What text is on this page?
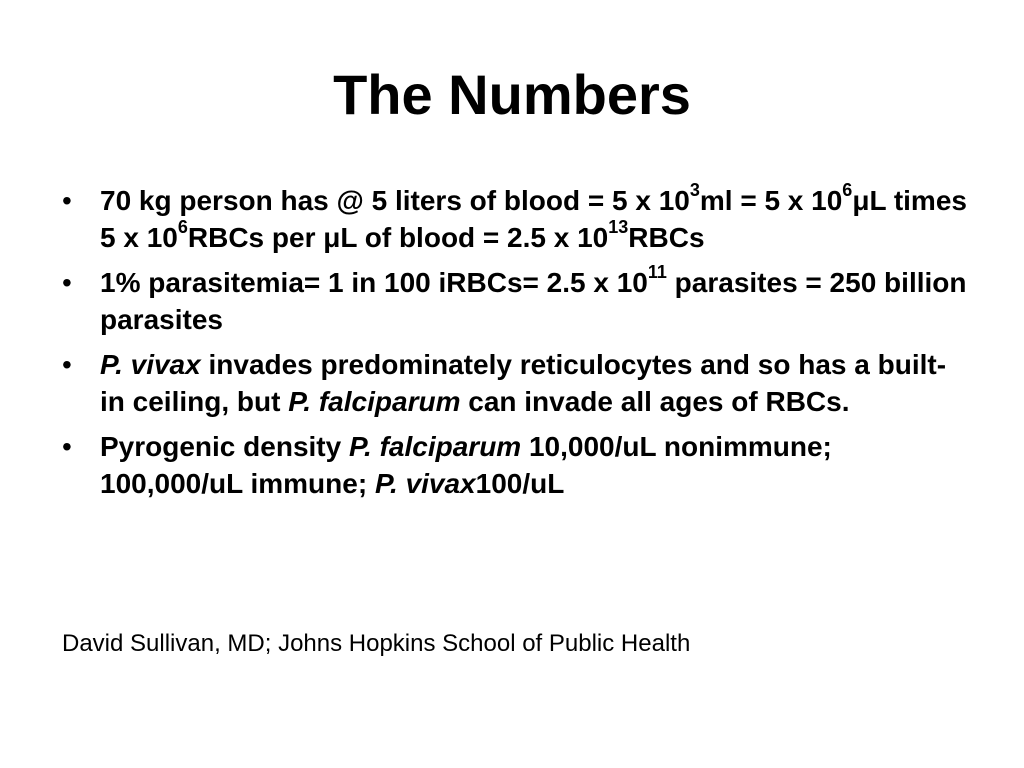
The Numbers
• 70 kg person has @ 5 liters of blood = 5 x $10^3ml = 5$ x $10^6\mu L$ times 5 x $10^6RBCs$ per μL of blood = 2.5 x $10^{13}RBCs$
• 1% parasitemia= 1 in 100 iRBCs= 2.5 x $10^{11}$ parasites = 250 billion parasites
• P. vivax invades predominately reticulocytes and so has a built-in ceiling, but P. falciparum can invade all ages of RBCs.
• Pyrogenic density P. falciparum 10,000/uL nonimmune; 100,000/uL immune; P. vivax100/uL

David Sullivan, MD; Johns Hopkins School of Public Health
